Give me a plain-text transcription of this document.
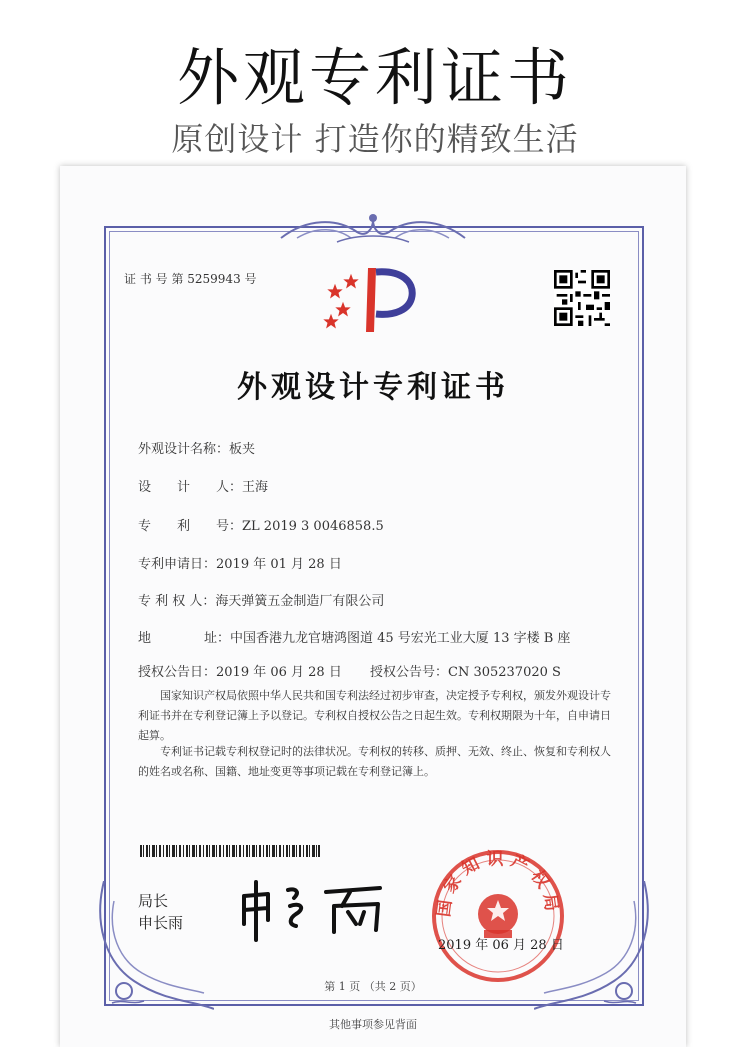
外观专利证书
原创设计 打造你的精致生活
证 书 号 第 5259943 号
外观设计专利证书
外观设计名称：板夹
设　　计　　人：王海
专　　利　　号：ZL 2019 3 0046858.5
专利申请日：2019 年 01 月 28 日
专 利 权 人：海天弹簧五金制造厂有限公司
地	址：中国香港九龙官塘鸿图道 45 号宏光工业大厦 13 字楼 B 座
授权公告日：2019 年 06 月 28 日 授权公告号：CN 305237020 S
国家知识产权局依照中华人民共和国专利法经过初步审查，决定授予专利权，颁发外观设计专利证书并在专利登记簿上予以登记。专利权自授权公告之日起生效。专利权期限为十年，自申请日起算。
专利证书记载专利权登记时的法律状况。专利权的转移、质押、无效、终止、恢复和专利权人的姓名或名称、国籍、地址变更等事项记载在专利登记簿上。
局长
申长雨
国家知识产权局
2019 年 06 月 28 日
第 1 页 （共 2 页）
其他事项参见背面
